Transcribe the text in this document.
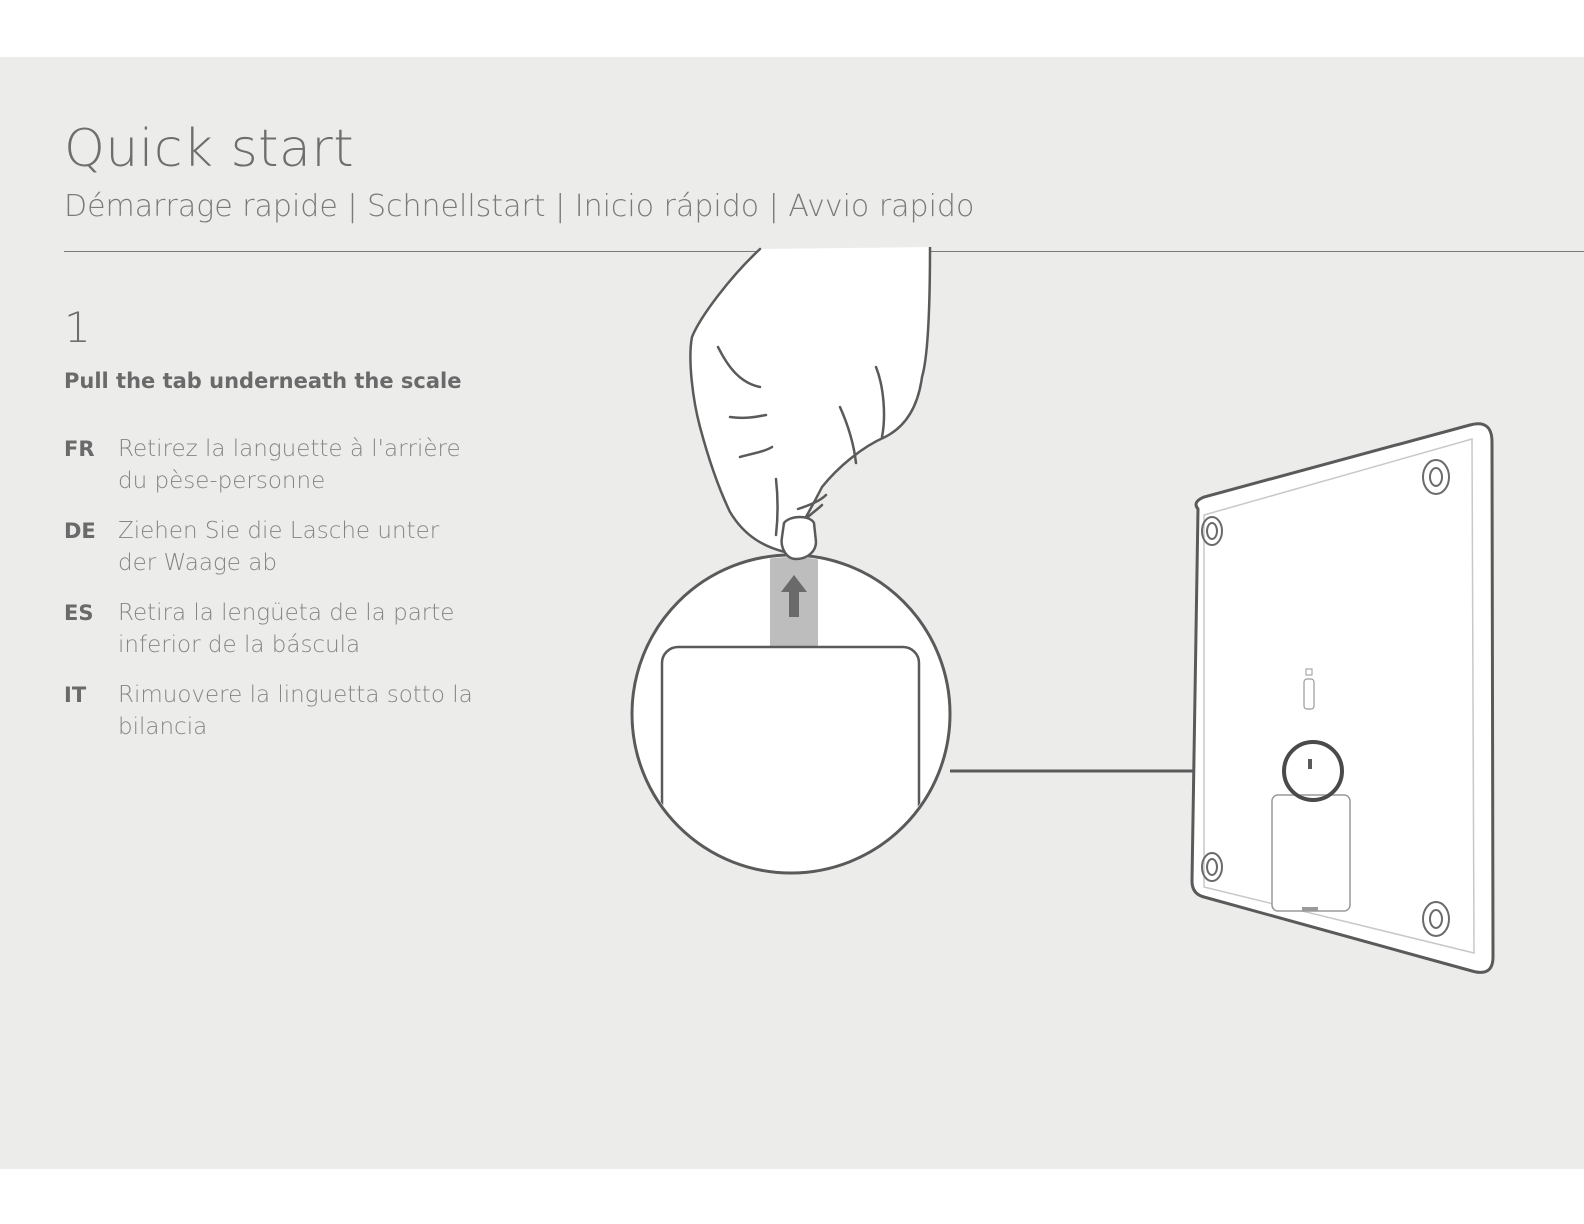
Quick start

Démarrage rapide | Schnellstart | Inicio rápido | Avvio rapido

1
Pull the tab underneath the scale
FR	Retirez la languette à l'arrière du pèse-personne
DE Ziehen Sie die Lasche unter der Waage ab
ES	Retira la lengüeta de la parte inferior de la báscula
IT	Rimuovere la linguetta sotto la bilancia
